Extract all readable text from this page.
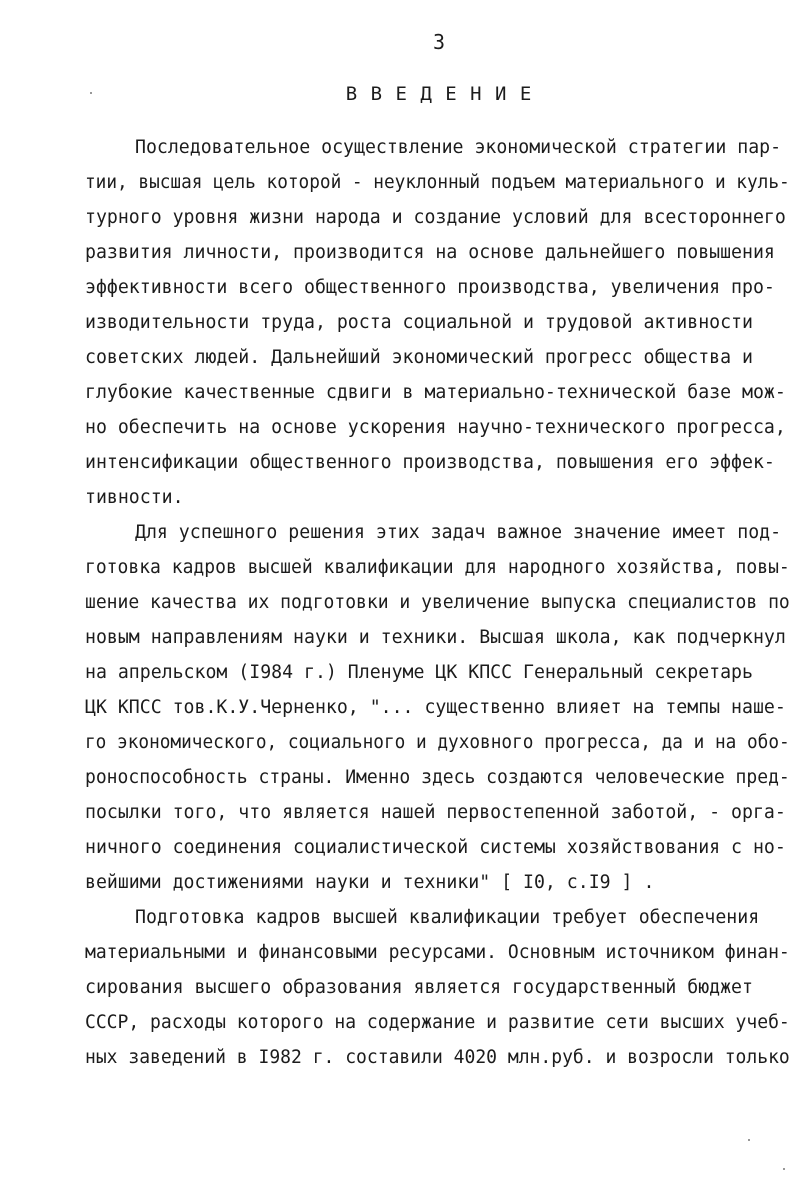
3
В В Е Д Е Н И Е
Последовательное осуществление экономической стратегии пар-
тии, высшая цель которой - неуклонный подъем материального и куль-
турного уровня жизни народа и создание условий для всестороннего
развития личности, производится на основе дальнейшего повышения
эффективности всего общественного производства, увеличения про-
изводительности труда, роста социальной и трудовой активности
советских людей. Дальнейший экономический прогресс общества и
глубокие качественные сдвиги в материально-технической базе мож-
но обеспечить на основе ускорения научно-технического прогресса,
интенсификации общественного производства, повышения его эффек-
тивности.
Для успешного решения этих задач важное значение имеет под-
готовка кадров высшей квалификации для народного хозяйства, повы-
шение качества их подготовки и увеличение выпуска специалистов по
новым направлениям науки и техники. Высшая школа, как подчеркнул
на апрельском (I984 г.) Пленуме ЦК КПСС Генеральный секретарь
ЦК КПСС тов.К.У.Черненко, "... существенно влияет на темпы наше-
го экономического, социального и духовного прогресса, да и на обо-
роноспособность страны. Именно здесь создаются человеческие пред-
посылки того, что является нашей первостепенной заботой, - орга-
ничного соединения социалистической системы хозяйствования с но-
вейшими достижениями науки и техники" [ I0, с.I9 ] .
Подготовка кадров высшей квалификации требует обеспечения
материальными и финансовыми ресурсами. Основным источником финан-
сирования высшего образования является государственный бюджет
СССР, расходы которого на содержание и развитие сети высших учеб-
ных заведений в I982 г. составили 4020 млн.руб. и возросли только
